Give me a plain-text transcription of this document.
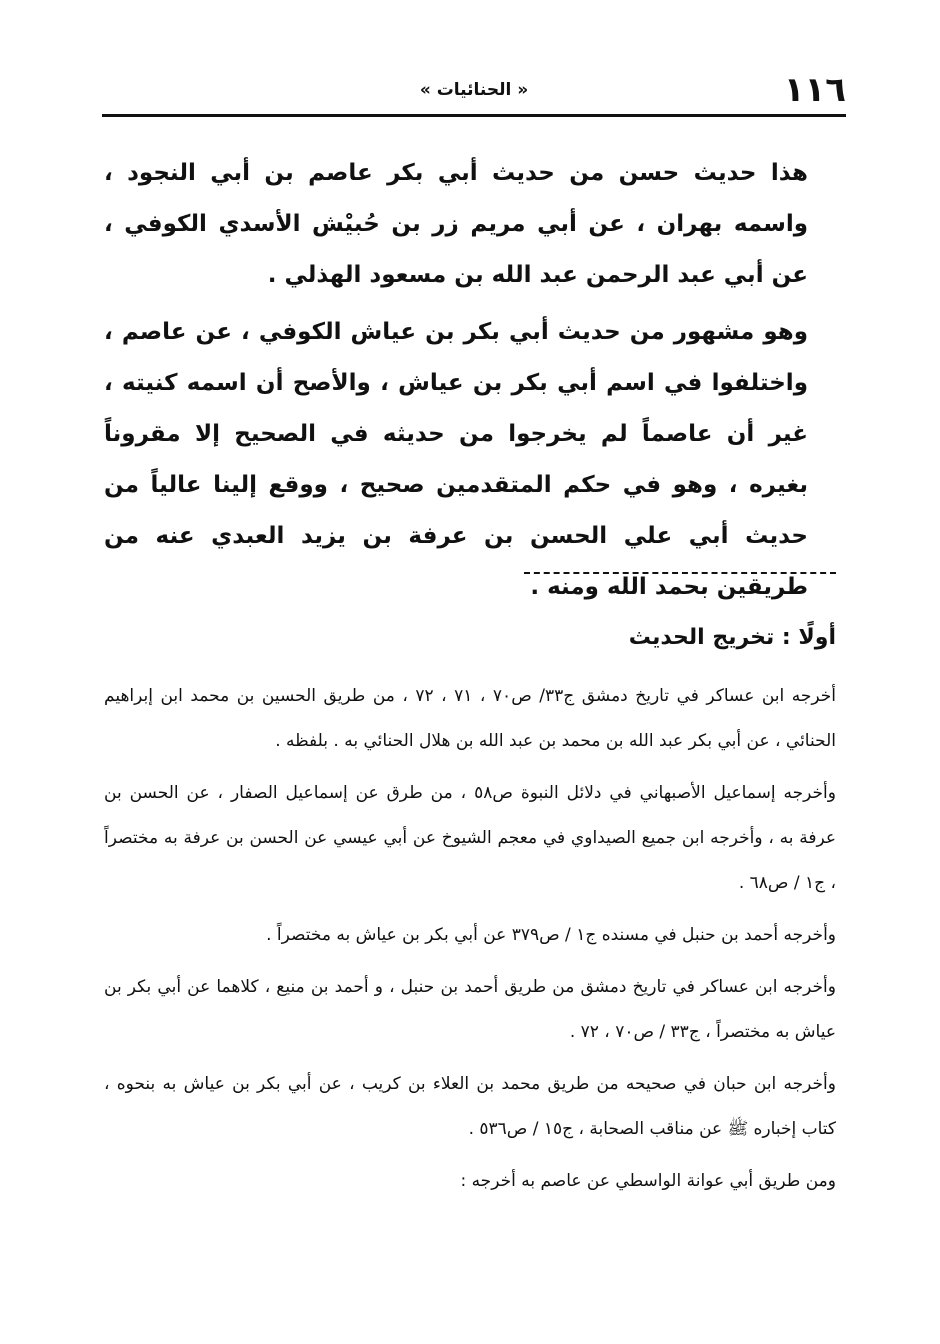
١١٦
« الحنائيات »

هذا حديث حسن من حديث أبي بكر عاصم بن أبي النجود ، واسمه بهران ، عن أبي مريم زر بن حُبيْش الأسدي الكوفي ، عن أبي عبد الرحمن عبد الله بن مسعود الهذلي .

وهو مشهور من حديث أبي بكر بن عياش الكوفي ، عن عاصم ، واختلفوا في اسم أبي بكر بن عياش ، والأصح أن اسمه كنيته ، غير أن عاصماً لم يخرجوا من حديثه في الصحيح إلا مقروناً بغيره ، وهو في حكم المتقدمين صحيح ، ووقع إلينا عالياً من حديث أبي علي الحسن بن عرفة بن يزيد العبدي عنه من طريقين بحمد الله ومنه .

أولًا : تخريج الحديث

أخرجه ابن عساكر في تاريخ دمشق ج٣٣/ ص٧٠ ، ٧١ ، ٧٢ ، من طريق الحسين بن محمد ابن إبراهيم الحنائي ، عن أبي بكر عبد الله بن محمد بن عبد الله بن هلال الحنائي به . بلفظه .

وأخرجه إسماعيل الأصبهاني في دلائل النبوة ص٥٨ ، من طرق عن إسماعيل الصفار ، عن الحسن بن عرفة به ، وأخرجه ابن جميع الصيداوي في معجم الشيوخ عن أبي عيسي عن الحسن بن عرفة به مختصراً ، ج١ / ص٦٨ .

وأخرجه أحمد بن حنبل في مسنده ج١ / ص٣٧٩ عن أبي بكر بن عياش به مختصراً .

وأخرجه ابن عساكر في تاريخ دمشق من طريق أحمد بن حنبل ، و أحمد بن منيع ، كلاهما عن أبي بكر بن عياش به مختصراً ، ج٣٣ / ص٧٠ ، ٧٢ .

وأخرجه ابن حبان في صحيحه من طريق محمد بن العلاء بن كريب ، عن أبي بكر بن عياش به بنحوه ، كتاب إخباره ﷺ عن مناقب الصحابة ، ج١٥ / ص٥٣٦ .

ومن طريق أبي عوانة الواسطي عن عاصم به أخرجه :
